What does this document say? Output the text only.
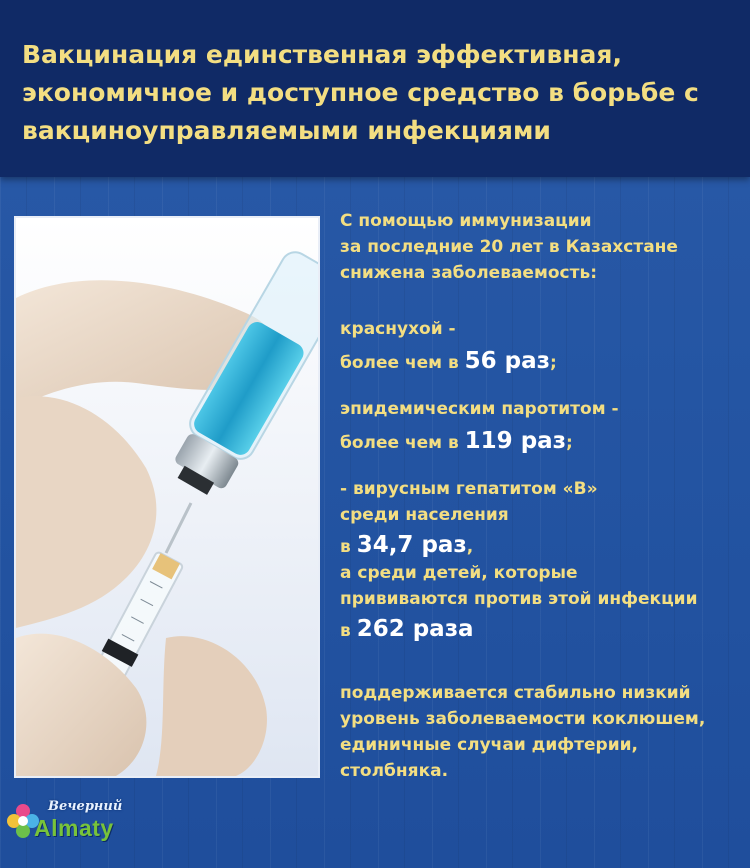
Вакцинация единственная эффективная, экономичное и доступное средство в борьбе с вакциноуправляемыми инфекциями

С помощью иммунизации

за последние 20 лет в Казахстане

снижена заболеваемость:

краснухой -

более чем в 56 раз;

эпидемическим паротитом -

более чем в 119 раз;

- вирусным гепатитом «В»

среди населения

в 34,7 раз,

а среди детей, которые

прививаются против этой инфекции

в 262 раза

поддерживается стабильно низкий

уровень заболеваемости коклюшем,

единичные случаи дифтерии,

столбняка.

Вечерний
Almaty
